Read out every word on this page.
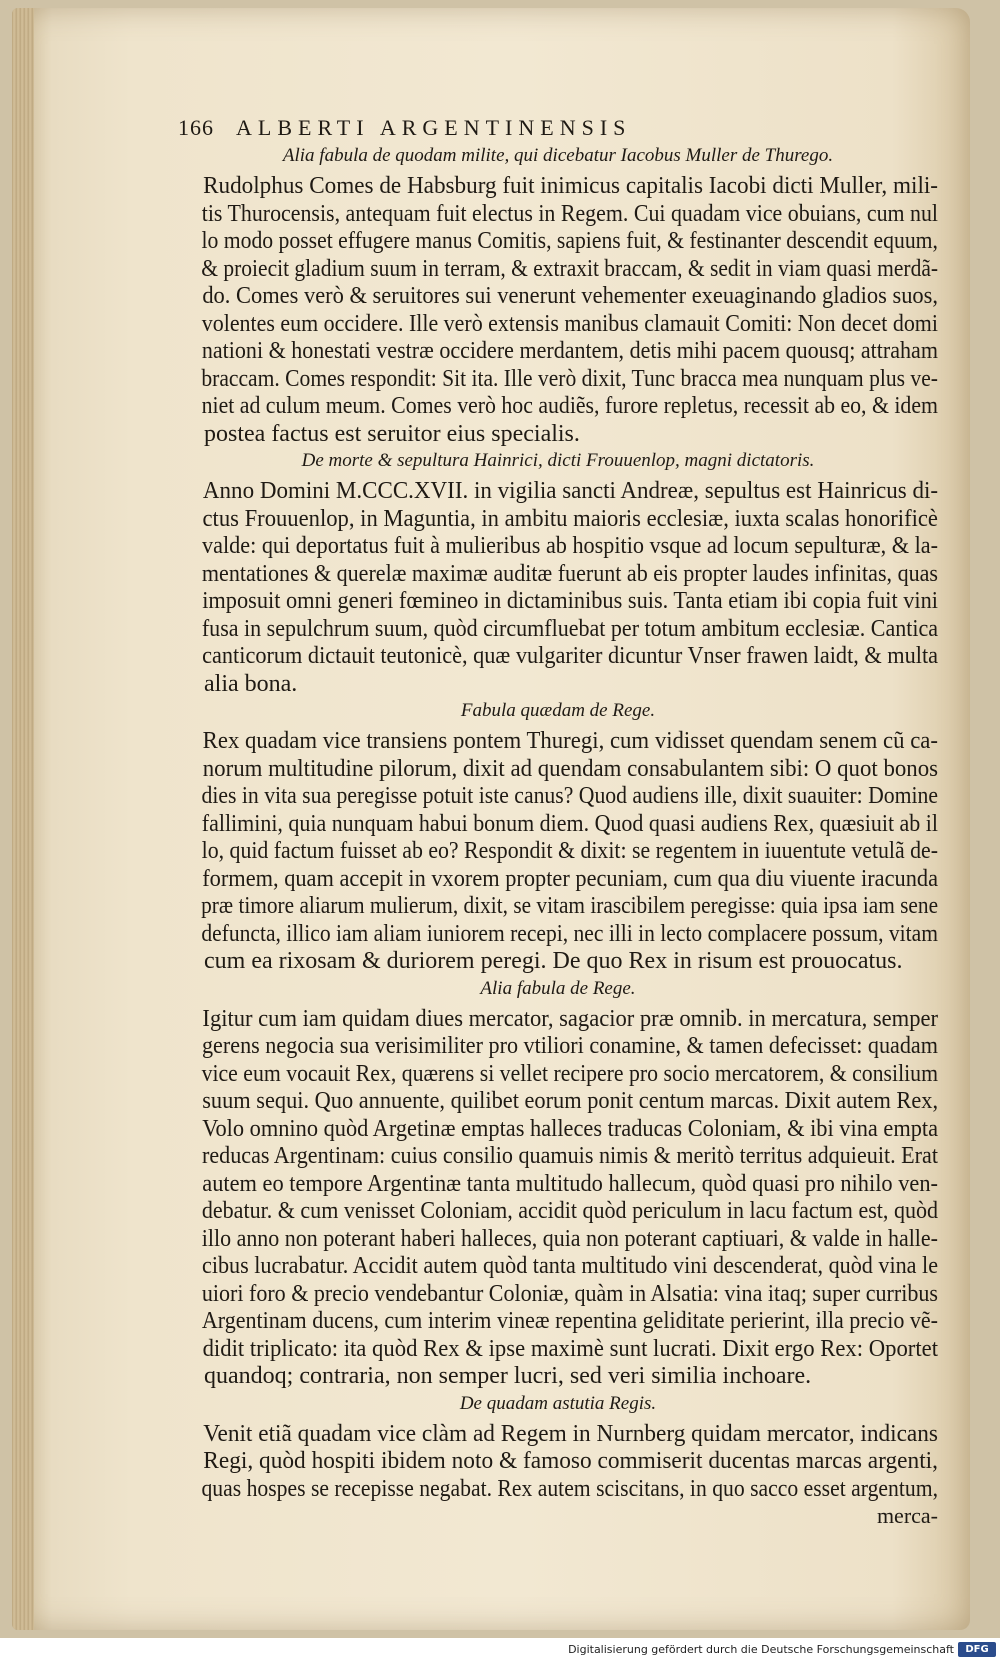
166 ALBERTI ARGENTINENSIS
Alia fabula de quodam milite, qui dicebatur Iacobus Muller de Thurego.

Rudolphus Comes de Habsburg fuit inimicus capitalis Iacobi dicti Muller, mili-
tis Thurocensis, antequam fuit electus in Regem. Cui quadam vice obuians, cum nul
lo modo posset effugere manus Comitis, sapiens fuit, & festinanter descendit equum,
& proiecit gladium suum in terram, & extraxit braccam, & sedit in viam quasi merdã-
do. Comes verò & seruitores sui venerunt vehementer exeuaginando gladios suos,
volentes eum occidere. Ille verò extensis manibus clamauit Comiti: Non decet domi
nationi & honestati vestræ occidere merdantem, detis mihi pacem quousq; attraham
braccam. Comes respondit: Sit ita. Ille verò dixit, Tunc bracca mea nunquam plus ve-
niet ad culum meum. Comes verò hoc audiẽs, furore repletus, recessit ab eo, & idem
postea factus est seruitor eius specialis.

De morte & sepultura Hainrici, dicti Frouuenlop, magni dictatoris.

Anno Domini M.CCC.XVII. in vigilia sancti Andreæ, sepultus est Hainricus di-
ctus Frouuenlop, in Maguntia, in ambitu maioris ecclesiæ, iuxta scalas honorificè
valde: qui deportatus fuit à mulieribus ab hospitio vsque ad locum sepulturæ, & la-
mentationes & querelæ maximæ auditæ fuerunt ab eis propter laudes infinitas, quas
imposuit omni generi fœmineo in dictaminibus suis. Tanta etiam ibi copia fuit vini
fusa in sepulchrum suum, quòd circumfluebat per totum ambitum ecclesiæ. Cantica
canticorum dictauit teutonicè, quæ vulgariter dicuntur Vnser frawen laidt, & multa
alia bona.

Fabula quædam de Rege.

Rex quadam vice transiens pontem Thuregi, cum vidisset quendam senem cũ ca-
norum multitudine pilorum, dixit ad quendam consabulantem sibi: O quot bonos
dies in vita sua peregisse potuit iste canus? Quod audiens ille, dixit suauiter: Domine
fallimini, quia nunquam habui bonum diem. Quod quasi audiens Rex, quæsiuit ab il
lo, quid factum fuisset ab eo? Respondit & dixit: se regentem in iuuentute vetulã de-
formem, quam accepit in vxorem propter pecuniam, cum qua diu viuente iracunda
præ timore aliarum mulierum, dixit, se vitam irascibilem peregisse: quia ipsa iam sene
defuncta, illico iam aliam iuniorem recepi, nec illi in lecto complacere possum, vitam
cum ea rixosam & duriorem peregi. De quo Rex in risum est prouocatus.

Alia fabula de Rege.

Igitur cum iam quidam diues mercator, sagacior præ omnib. in mercatura, semper
gerens negocia sua verisimiliter pro vtiliori conamine, & tamen defecisset: quadam
vice eum vocauit Rex, quærens si vellet recipere pro socio mercatorem, & consilium
suum sequi. Quo annuente, quilibet eorum ponit centum marcas. Dixit autem Rex,
Volo omnino quòd Argetinæ emptas halleces traducas Coloniam, & ibi vina empta
reducas Argentinam: cuius consilio quamuis nimis & meritò territus adquieuit. Erat
autem eo tempore Argentinæ tanta multitudo hallecum, quòd quasi pro nihilo ven-
debatur. & cum venisset Coloniam, accidit quòd periculum in lacu factum est, quòd
illo anno non poterant haberi halleces, quia non poterant captiuari, & valde in halle-
cibus lucrabatur. Accidit autem quòd tanta multitudo vini descenderat, quòd vina le
uiori foro & precio vendebantur Coloniæ, quàm in Alsatia: vina itaq; super curribus
Argentinam ducens, cum interim vineæ repentina geliditate perierint, illa precio vẽ-
didit triplicato: ita quòd Rex & ipse maximè sunt lucrati. Dixit ergo Rex: Oportet
quandoq; contraria, non semper lucri, sed veri similia inchoare.

De quadam astutia Regis.

Venit etiã quadam vice clàm ad Regem in Nurnberg quidam mercator, indicans
Regi, quòd hospiti ibidem noto & famoso commiserit ducentas marcas argenti,
quas hospes se recepisse negabat. Rex autem sciscitans, in quo sacco esset argentum,

merca-
Digitalisierung gefördert durch die Deutsche Forschungsgemeinschaft	DFG
